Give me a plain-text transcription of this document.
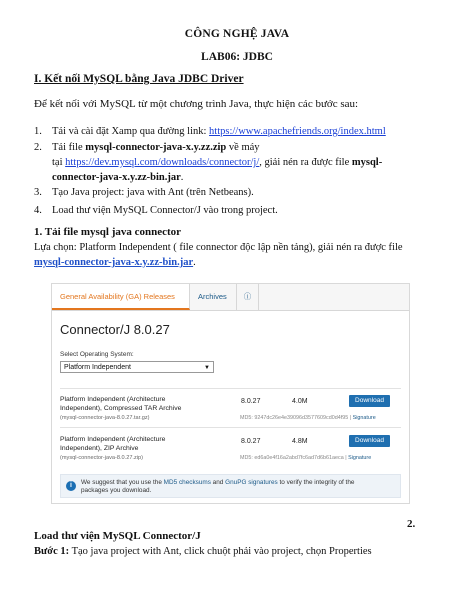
CÔNG NGHỆ JAVA
LAB06: JDBC
I. Kết nối MySQL bằng Java JDBC Driver
Để kết nối với MySQL từ một chương trình Java, thực hiện các bước sau:
1. Tải và cài đặt Xamp qua đường link: https://www.apachefriends.org/index.html
2. Tải file mysql-connector-java-x.y.zz.zip về máy
tại https://dev.mysql.com/downloads/connector/j/, giải nén ra được file mysql-
connector-java-x.y.zz-bin.jar.
3. Tạo Java project: java with Ant (trên Netbeans).
4. Load thư viện MySQL Connector/J vào trong project.
1. Tải file mysql java connector
Lựa chọn: Platform Independent ( file connector độc lập nền tảng), giải nén ra được file
mysql-connector-java-x.y.zz-bin.jar.
General Availability (GA) Releases	Archives	ⓘ
Connector/J 8.0.27
Select Operating System:
Platform Independent	▼
Platform Independent (Architecture
Independent), Compressed TAR Archive
(mysql-connector-java-8.0.27.tar.gz)
8.0.27	4.0M	Download
MD5: 9247dc26e4e39096d3577609cd0d4f95 | Signature
Platform Independent (Architecture
Independent), ZIP Archive
(mysql-connector-java-8.0.27.zip)
8.0.27	4.8M	Download
MD5: ed6a0e4f16a2abd7fc6ad7d6b61aeca | Signature
i	We suggest that you use the MD5 checksums and GnuPG signatures to verify the integrity of the packages you download.
2.
Load thư viện MySQL Connector/J
Bước 1: Tạo java project with Ant, click chuột phải vào project, chọn Properties
